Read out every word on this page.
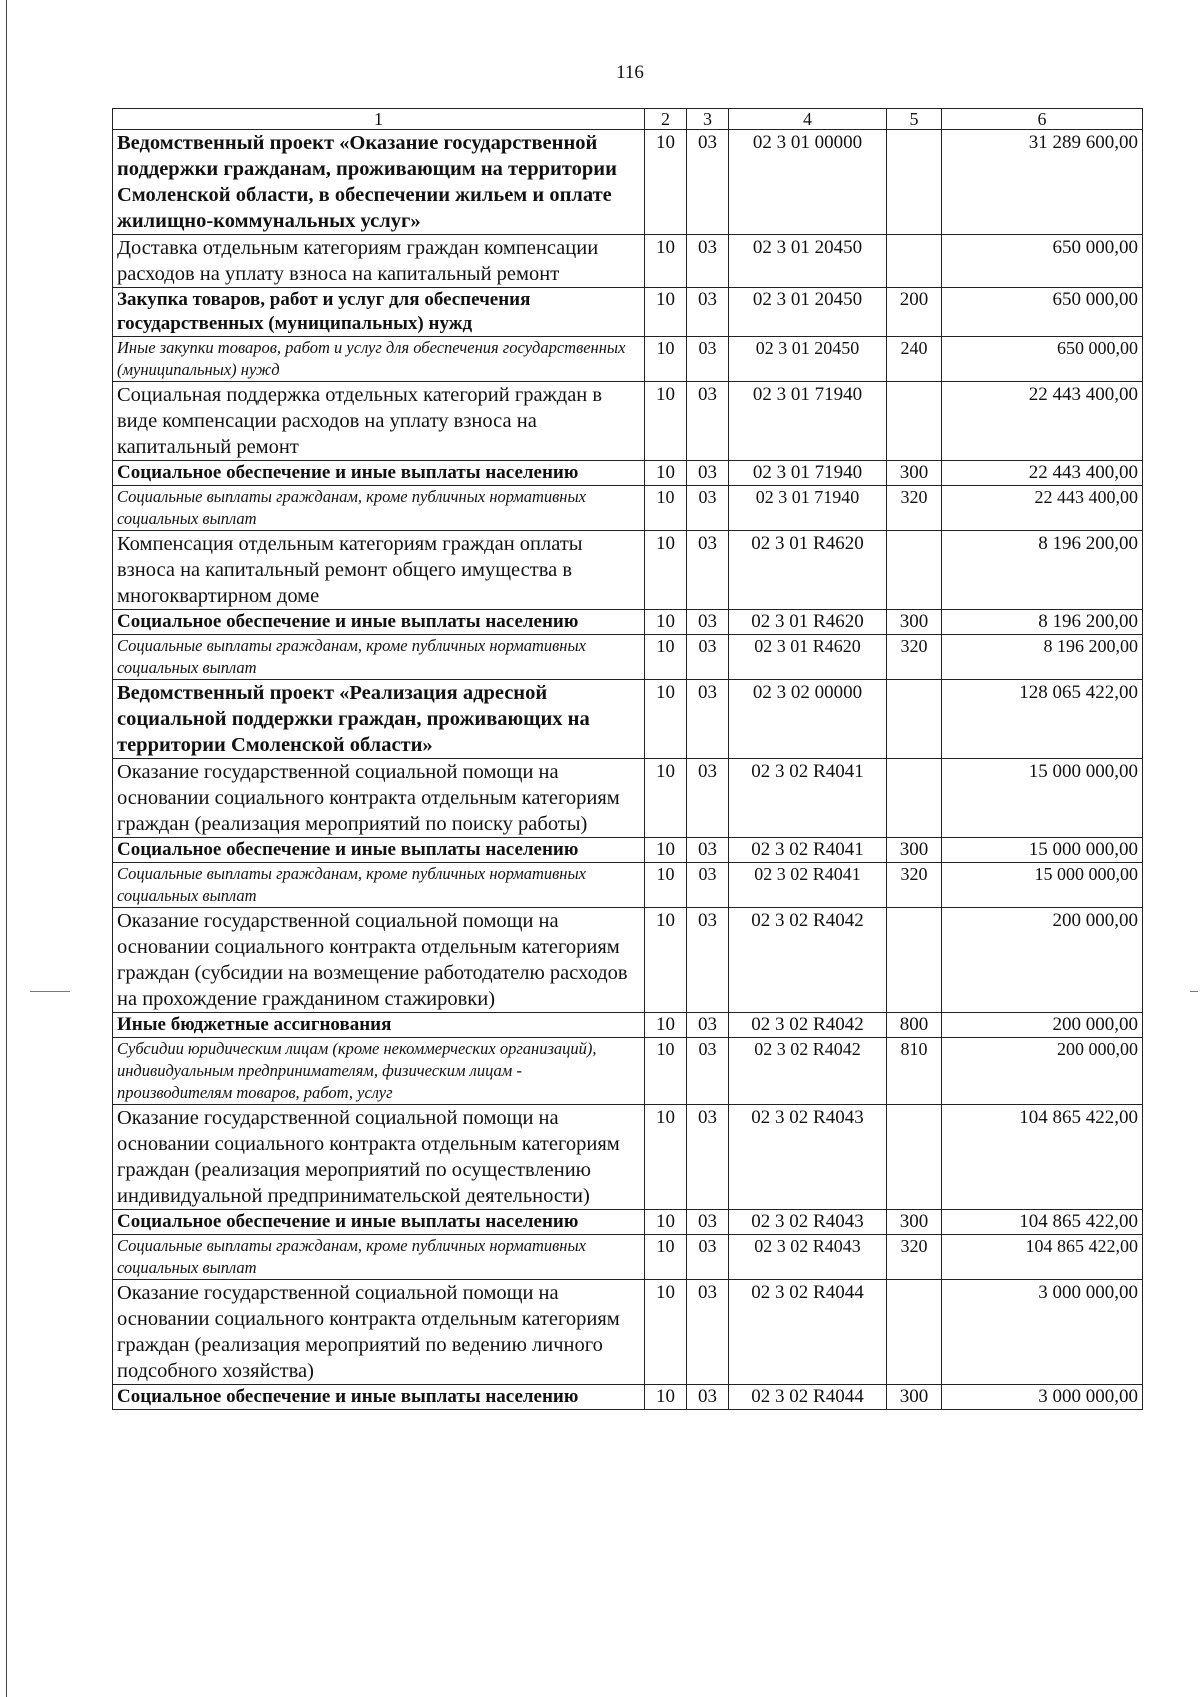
116
1	2	3	4	5	6
Ведомственный проект «Оказание государственной поддержки гражданам, проживающим на территории Смоленской области, в обеспечении жильем и оплате жилищно-коммунальных услуг»	10	03	02 3 01 00000		31 289 600,00
Доставка отдельным категориям граждан компенсации расходов на уплату взноса на капитальный ремонт	10	03	02 3 01 20450		650 000,00
Закупка товаров, работ и услуг для обеспечения государственных (муниципальных) нужд	10	03	02 3 01 20450	200	650 000,00
Иные закупки товаров, работ и услуг для обеспечения государственных (муниципальных) нужд	10	03	02 3 01 20450	240	650 000,00
Социальная поддержка отдельных категорий граждан в виде компенсации расходов на уплату взноса на капитальный ремонт	10	03	02 3 01 71940		22 443 400,00
Социальное обеспечение и иные выплаты населению	10	03	02 3 01 71940	300	22 443 400,00
Социальные выплаты гражданам, кроме публичных нормативных социальных выплат	10	03	02 3 01 71940	320	22 443 400,00
Компенсация отдельным категориям граждан оплаты взноса на капитальный ремонт общего имущества в многоквартирном доме	10	03	02 3 01 R4620		8 196 200,00
Социальное обеспечение и иные выплаты населению	10	03	02 3 01 R4620	300	8 196 200,00
Социальные выплаты гражданам, кроме публичных нормативных социальных выплат	10	03	02 3 01 R4620	320	8 196 200,00
Ведомственный проект «Реализация адресной социальной поддержки граждан, проживающих на территории Смоленской области»	10	03	02 3 02 00000		128 065 422,00
Оказание государственной социальной помощи на основании социального контракта отдельным категориям граждан (реализация мероприятий по поиску работы)	10	03	02 3 02 R4041		15 000 000,00
Социальное обеспечение и иные выплаты населению	10	03	02 3 02 R4041	300	15 000 000,00
Социальные выплаты гражданам, кроме публичных нормативных социальных выплат	10	03	02 3 02 R4041	320	15 000 000,00
Оказание государственной социальной помощи на основании социального контракта отдельным категориям граждан (субсидии на возмещение работодателю расходов на прохождение гражданином стажировки)	10	03	02 3 02 R4042		200 000,00
Иные бюджетные ассигнования	10	03	02 3 02 R4042	800	200 000,00
Субсидии юридическим лицам (кроме некоммерческих организаций), индивидуальным предпринимателям, физическим лицам - производителям товаров, работ, услуг	10	03	02 3 02 R4042	810	200 000,00
Оказание государственной социальной помощи на основании социального контракта отдельным категориям граждан (реализация мероприятий по осуществлению индивидуальной предпринимательской деятельности)	10	03	02 3 02 R4043		104 865 422,00
Социальное обеспечение и иные выплаты населению	10	03	02 3 02 R4043	300	104 865 422,00
Социальные выплаты гражданам, кроме публичных нормативных социальных выплат	10	03	02 3 02 R4043	320	104 865 422,00
Оказание государственной социальной помощи на основании социального контракта отдельным категориям граждан (реализация мероприятий по ведению личного подсобного хозяйства)	10	03	02 3 02 R4044		3 000 000,00
Социальное обеспечение и иные выплаты населению	10	03	02 3 02 R4044	300	3 000 000,00
